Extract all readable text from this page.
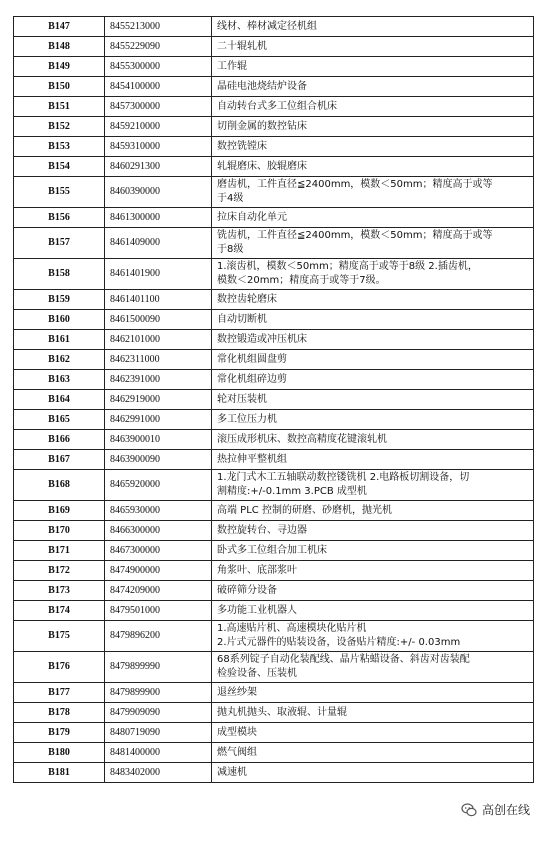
B147	8455213000	线材、棒材减定径机组

B148	8455229090	二十辊轧机

B149	8455300000	工作辊

B150	8454100000	晶硅电池烧结炉设备

B151	8457300000	自动转台式多工位组合机床

B152	8459210000	切削金属的数控钻床

B153	8459310000	数控铣镗床

B154	8460291300	轧辊磨床、胶辊磨床

B155	8460390000	磨齿机，工件直径≦2400mm，模数＜50mm；精度高于或等
于4级

B156	8461300000	拉床自动化单元

B157	8461409000	铣齿机，工件直径≦2400mm，模数＜50mm；精度高于或等
于8级

B158	8461401900	1.滚齿机，模数＜50mm；精度高于或等于8级 2.插齿机，
模数＜20mm；精度高于或等于7级。

B159	8461401100	数控齿轮磨床

B160	8461500090	自动切断机

B161	8462101000	数控锻造或冲压机床

B162	8462311000	常化机组圆盘剪

B163	8462391000	常化机组碎边剪

B164	8462919000	轮对压装机

B165	8462991000	多工位压力机

B166	8463900010	滚压成形机床、数控高精度花键滚轧机

B167	8463900090	热拉伸平整机组

B168	8465920000	1.龙门式木工五轴联动数控镂铣机 2.电路板切割设备，切
割精度:+/-0.1mm 3.PCB 成型机

B169	8465930000	高端 PLC 控制的研磨、砂磨机，抛光机

B170	8466300000	数控旋转台、寻边器

B171	8467300000	卧式多工位组合加工机床

B172	8474900000	角浆叶、底部浆叶

B173	8474209000	破碎筛分设备

B174	8479501000	多功能工业机器人

B175	8479896200	1.高速贴片机、高速模块化贴片机
2.片式元器件的贴装设备，设备贴片精度:+/- 0.03mm

B176	8479899990	68系列锭子自动化装配线、晶片粘蜡设备、斜齿对齿装配
检验设备、压装机

B177	8479899900	退丝纱架

B178	8479909090	抛丸机抛头、取液辊、计量辊

B179	8480719090	成型模块

B180	8481400000	燃气阀组

B181	8483402000	减速机
高创在线
